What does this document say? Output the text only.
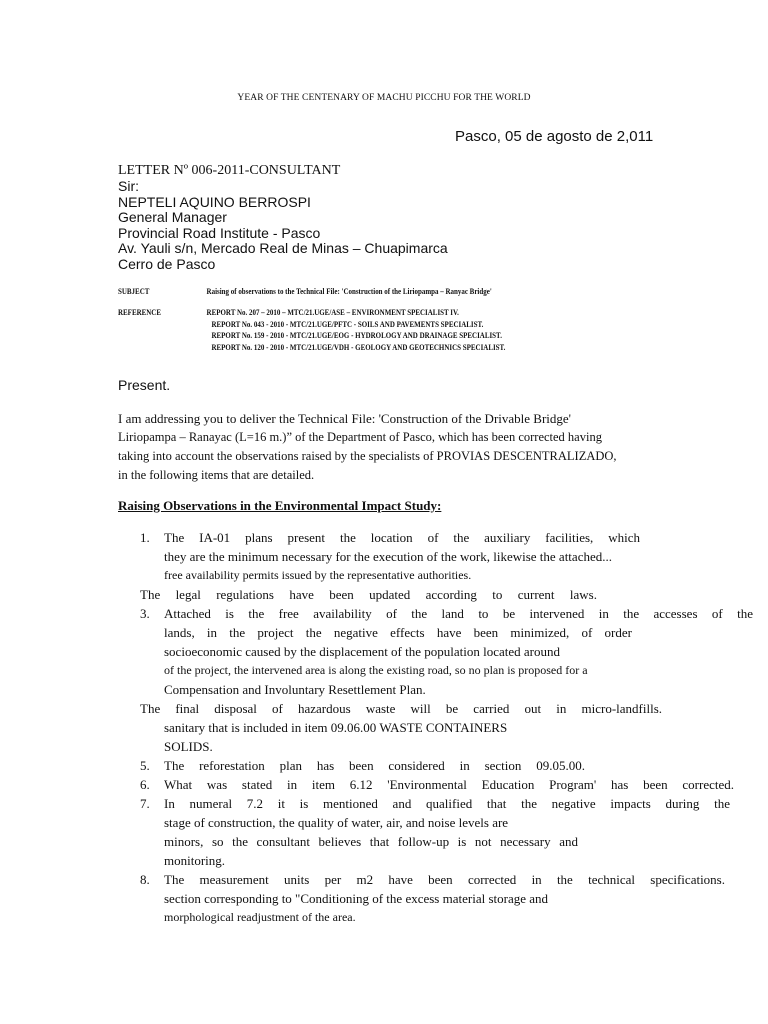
YEAR OF THE CENTENARY OF MACHU PICCHU FOR THE WORLD
Pasco, 05 de agosto de 2,011
LETTER Nº 006-2011-CONSULTANT
Sir:
NEPTELI AQUINO BERROSPI
General Manager
Provincial Road Institute - Pasco
Av. Yauli s/n, Mercado Real de Minas – Chuapimarca
Cerro de Pasco
SUBJECT	Raising of observations to the Technical File: 'Construction of the Liriopampa – Ranyac Bridge'
REFERENCE	REPORT No. 207 – 2010 – MTC/21.UGE/ASE – ENVIRONMENT SPECIALIST IV.
REPORT No. 043 - 2010 - MTC/21.UGE/PFTC - SOILS AND PAVEMENTS SPECIALIST.
REPORT No. 159 - 2010 - MTC/21.UGE/EOG - HYDROLOGY AND DRAINAGE SPECIALIST.
REPORT No. 120 - 2010 - MTC/21.UGE/VDH - GEOLOGY AND GEOTECHNICS SPECIALIST.
Present.
I am addressing you to deliver the Technical File: 'Construction of the Drivable Bridge'
Liriopampa – Ranayac (L=16 m.)” of the Department of Pasco, which has been corrected having
taking into account the observations raised by the specialists of PROVIAS DESCENTRALIZADO,
in the following items that are detailed.
Raising Observations in the Environmental Impact Study:
1. The IA-01 plans present the location of the auxiliary facilities, which
they are the minimum necessary for the execution of the work, likewise the attached...
free availability permits issued by the representative authorities.
The legal regulations have been updated according to current laws.
3. Attached is the free availability of the land to be intervened in the accesses of the
lands, in the project the negative effects have been minimized, of order
socioeconomic caused by the displacement of the population located around
of the project, the intervened area is along the existing road, so no plan is proposed for a
Compensation and Involuntary Resettlement Plan.
The final disposal of hazardous waste will be carried out in micro-landfills.
sanitary that is included in item 09.06.00 WASTE CONTAINERS
SOLIDS.
5. The reforestation plan has been considered in section 09.05.00.
6. What was stated in item 6.12 'Environmental Education Program' has been corrected.
7. In numeral 7.2 it is mentioned and qualified that the negative impacts during the
stage of construction, the quality of water, air, and noise levels are
minors, so the consultant believes that follow-up is not necessary and
monitoring.
8. The measurement units per m2 have been corrected in the technical specifications.
section corresponding to "Conditioning of the excess material storage and
morphological readjustment of the area.
